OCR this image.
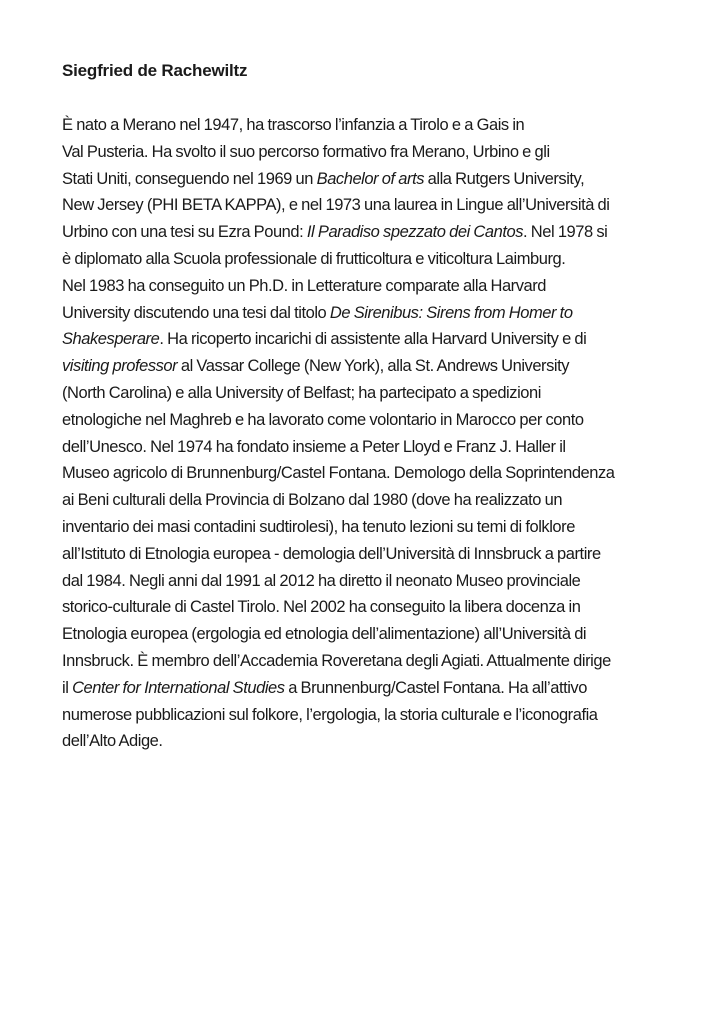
Siegfried de Rachewiltz

È nato a Merano nel 1947, ha trascorso l’infanzia a Tirolo e a Gais in
Val Pusteria. Ha svolto il suo percorso formativo fra Merano, Urbino e gli
Stati Uniti, conseguendo nel 1969 un Bachelor of arts alla Rutgers University,
New Jersey (PHI BETA KAPPA), e nel 1973 una laurea in Lingue all’Università di
Urbino con una tesi su Ezra Pound: Il Paradiso spezzato dei Cantos. Nel 1978 si
è diplomato alla Scuola professionale di frutticoltura e viticoltura Laimburg.
Nel 1983 ha conseguito un Ph.D. in Letterature comparate alla Harvard
University discutendo una tesi dal titolo De Sirenibus: Sirens from Homer to
Shakesperare. Ha ricoperto incarichi di assistente alla Harvard University e di
visiting professor al Vassar College (New York), alla St. Andrews University
(North Carolina) e alla University of Belfast; ha partecipato a spedizioni
etnologiche nel Maghreb e ha lavorato come volontario in Marocco per conto
dell’Unesco. Nel 1974 ha fondato insieme a Peter Lloyd e Franz J. Haller il
Museo agricolo di Brunnenburg/Castel Fontana. Demologo della Soprintendenza
ai Beni culturali della Provincia di Bolzano dal 1980 (dove ha realizzato un
inventario dei masi contadini sudtirolesi), ha tenuto lezioni su temi di folklore
all’Istituto di Etnologia europea - demologia dell’Università di Innsbruck a partire
dal 1984. Negli anni dal 1991 al 2012 ha diretto il neonato Museo provinciale
storico-culturale di Castel Tirolo. Nel 2002 ha conseguito la libera docenza in
Etnologia europea (ergologia ed etnologia dell’alimentazione) all’Università di
Innsbruck. È membro dell’Accademia Roveretana degli Agiati. Attualmente dirige
il Center for International Studies a Brunnenburg/Castel Fontana. Ha all’attivo
numerose pubblicazioni sul folkore, l’ergologia, la storia culturale e l’iconografia
dell’Alto Adige.
